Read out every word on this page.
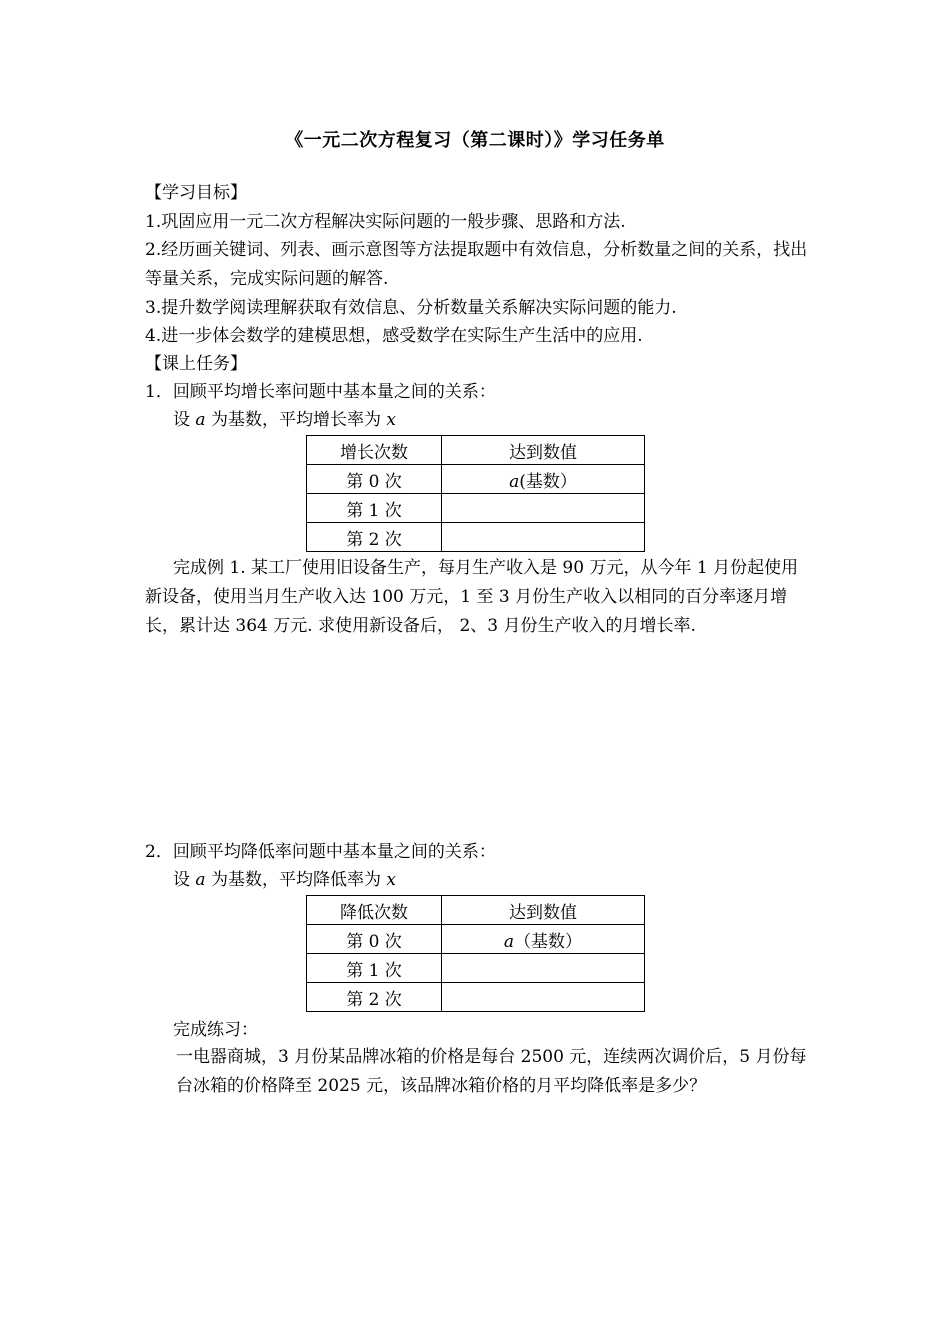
《一元二次方程复习（第二课时）》学习任务单
【学习目标】
1.巩固应用一元二次方程解决实际问题的一般步骤、思路和方法.
2.经历画关键词、列表、画示意图等方法提取题中有效信息，分析数量之间的关系，找出等量关系，完成实际问题的解答.
3.提升数学阅读理解获取有效信息、分析数量关系解决实际问题的能力.
4.进一步体会数学的建模思想，感受数学在实际生产生活中的应用.
【课上任务】
1．回顾平均增长率问题中基本量之间的关系：
设 a 为基数，平均增长率为 x
增长次数	达到数值
第 0 次	a(基数）
第 1 次	
第 2 次	
完成例 1. 某工厂使用旧设备生产，每月生产收入是 90 万元，从今年 1 月份起使用新设备，使用当月生产收入达 100 万元，1 至 3 月份生产收入以相同的百分率逐月增长，累计达 364 万元. 求使用新设备后， 2、3 月份生产收入的月增长率.
2．回顾平均降低率问题中基本量之间的关系：
设 a 为基数，平均降低率为 x
降低次数	达到数值
第 0 次	a（基数）
第 1 次	
第 2 次	
完成练习：
一电器商城，3 月份某品牌冰箱的价格是每台 2500 元，连续两次调价后，5 月份每台冰箱的价格降至 2025 元，该品牌冰箱价格的月平均降低率是多少？
